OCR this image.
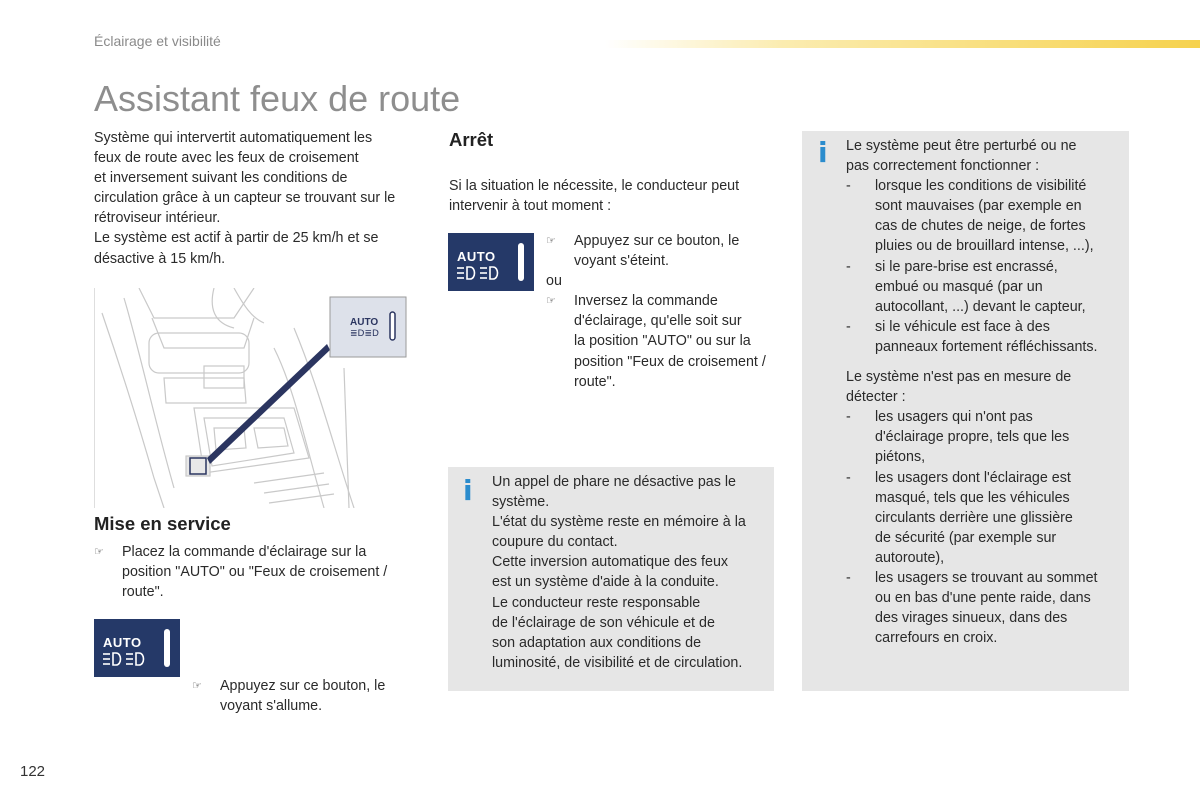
Éclairage et visibilité
Assistant feux de route
Système qui intervertit automatiquement les
feux de route avec les feux de croisement
et inversement suivant les conditions de
circulation grâce à un capteur se trouvant sur le
rétroviseur intérieur.
Le système est actif à partir de 25 km/h et se
désactive à 15 km/h.
AUTO
≣D≣D
Mise en service
☞ Placez la commande d'éclairage sur la
position "AUTO" ou "Feux de croisement /
route".
AUTO
☞ Appuyez sur ce bouton, le
voyant s'allume.
Arrêt
Si la situation le nécessite, le conducteur peut
intervenir à tout moment :
AUTO
☞ Appuyez sur ce bouton, le
voyant s'éteint.
ou
☞ Inversez la commande
d'éclairage, qu'elle soit sur
la position "AUTO" ou sur la
position "Feux de croisement /
route".
i Un appel de phare ne désactive pas le
système.
L'état du système reste en mémoire à la
coupure du contact.
Cette inversion automatique des feux
est un système d'aide à la conduite.
Le conducteur reste responsable
de l'éclairage de son véhicule et de
son adaptation aux conditions de
luminosité, de visibilité et de circulation.
i Le système peut être perturbé ou ne
pas correctement fonctionner :
- lorsque les conditions de visibilité
sont mauvaises (par exemple en
cas de chutes de neige, de fortes
pluies ou de brouillard intense, ...),
- si le pare-brise est encrassé,
embué ou masqué (par un
autocollant, ...) devant le capteur,
- si le véhicule est face à des
panneaux fortement réfléchissants.
Le système n'est pas en mesure de
détecter :
- les usagers qui n'ont pas
d'éclairage propre, tels que les
piétons,
- les usagers dont l'éclairage est
masqué, tels que les véhicules
circulants derrière une glissière
de sécurité (par exemple sur
autoroute),
- les usagers se trouvant au sommet
ou en bas d'une pente raide, dans
des virages sinueux, dans des
carrefours en croix.
122
